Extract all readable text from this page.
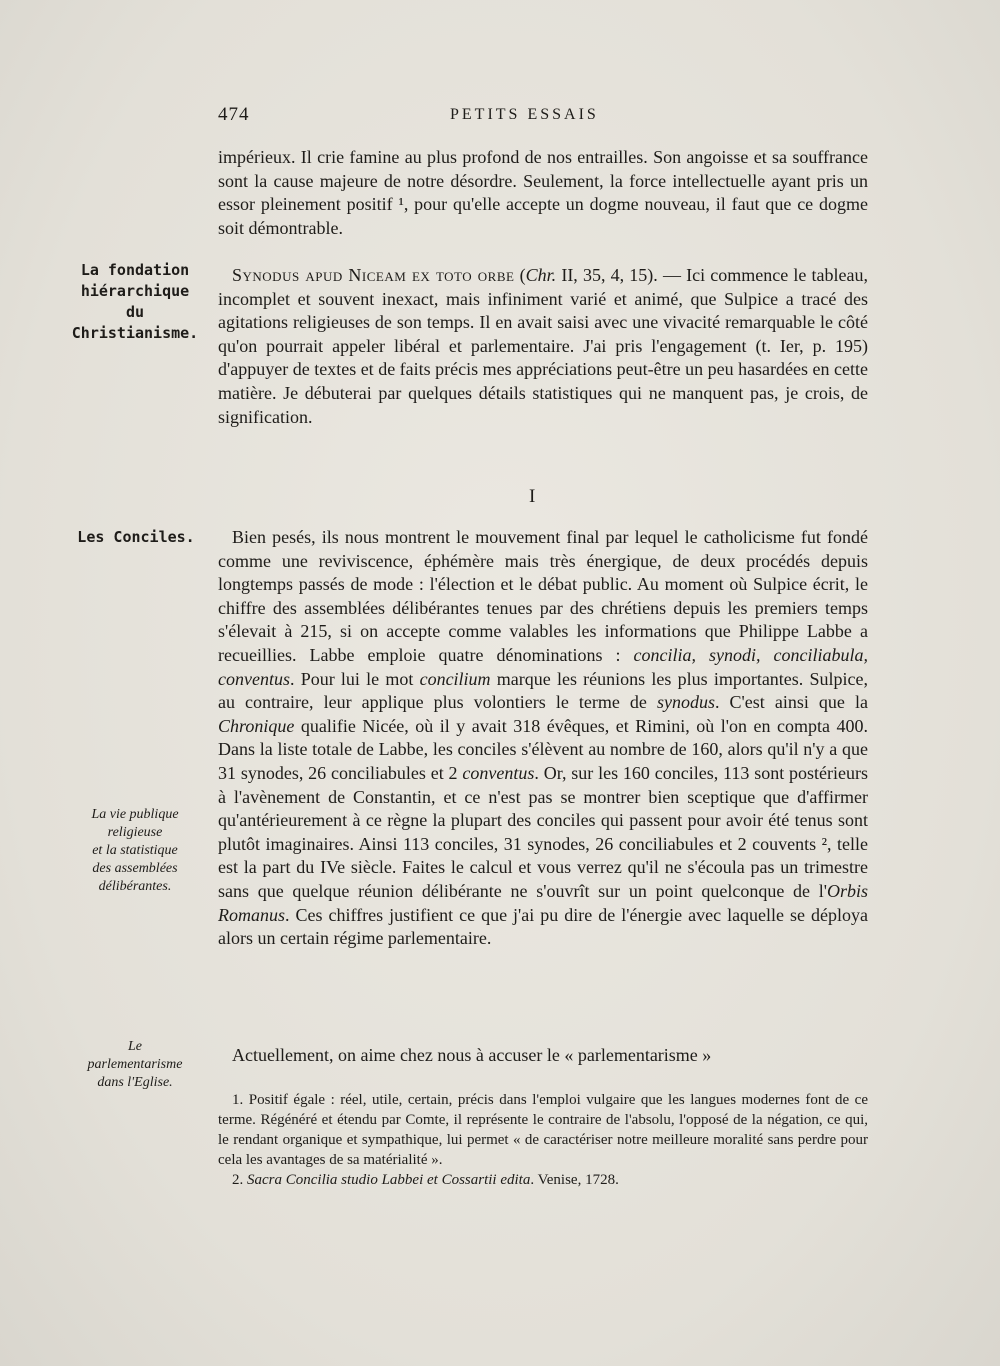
474	PETITS ESSAIS
La fondation
hiérarchique
du
Christianisme.
Les Conciles.
La vie publique
religieuse
et la statistique
des assemblées
délibérantes.
Le
parlementarisme
dans l'Eglise.

impérieux. Il crie famine au plus profond de nos entrailles. Son angoisse et sa souffrance sont la cause majeure de notre désordre. Seulement, la force intellectuelle ayant pris un essor pleinement positif ¹, pour qu'elle accepte un dogme nouveau, il faut que ce dogme soit démontrable.

Synodus apud Niceam ex toto orbe (Chr. II, 35, 4, 15). — Ici commence le tableau, incomplet et souvent inexact, mais infiniment varié et animé, que Sulpice a tracé des agitations religieuses de son temps. Il en avait saisi avec une vivacité remarquable le côté qu'on pourrait appeler libéral et parlementaire. J'ai pris l'engagement (t. Ier, p. 195) d'appuyer de textes et de faits précis mes appréciations peut-être un peu hasardées en cette matière. Je débuterai par quelques détails statistiques qui ne manquent pas, je crois, de signification.

I

Bien pesés, ils nous montrent le mouvement final par lequel le catholicisme fut fondé comme une reviviscence, éphémère mais très énergique, de deux procédés depuis longtemps passés de mode : l'élection et le débat public. Au moment où Sulpice écrit, le chiffre des assemblées délibérantes tenues par des chrétiens depuis les premiers temps s'élevait à 215, si on accepte comme valables les informations que Philippe Labbe a recueillies. Labbe emploie quatre dénominations : concilia, synodi, conciliabula, conventus. Pour lui le mot concilium marque les réunions les plus importantes. Sulpice, au contraire, leur applique plus volontiers le terme de synodus. C'est ainsi que la Chronique qualifie Nicée, où il y avait 318 évêques, et Rimini, où l'on en compta 400. Dans la liste totale de Labbe, les conciles s'élèvent au nombre de 160, alors qu'il n'y a que 31 synodes, 26 conciliabules et 2 conventus. Or, sur les 160 conciles, 113 sont postérieurs à l'avènement de Constantin, et ce n'est pas se montrer bien sceptique que d'affirmer qu'antérieurement à ce règne la plupart des conciles qui passent pour avoir été tenus sont plutôt imaginaires. Ainsi 113 conciles, 31 synodes, 26 conciliabules et 2 couvents ², telle est la part du IVe siècle. Faites le calcul et vous verrez qu'il ne s'écoula pas un trimestre sans que quelque réunion délibérante ne s'ouvrît sur un point quelconque de l'Orbis Romanus. Ces chiffres justifient ce que j'ai pu dire de l'énergie avec laquelle se déploya alors un certain régime parlementaire.

Actuellement, on aime chez nous à accuser le « parlementarisme »

1. Positif égale : réel, utile, certain, précis dans l'emploi vulgaire que les langues modernes font de ce terme. Régénéré et étendu par Comte, il représente le contraire de l'absolu, l'opposé de la négation, ce qui, le rendant organique et sympathique, lui permet « de caractériser notre meilleure moralité sans perdre pour cela les avantages de sa matérialité ».

2. Sacra Concilia studio Labbei et Cossartii edita. Venise, 1728.
